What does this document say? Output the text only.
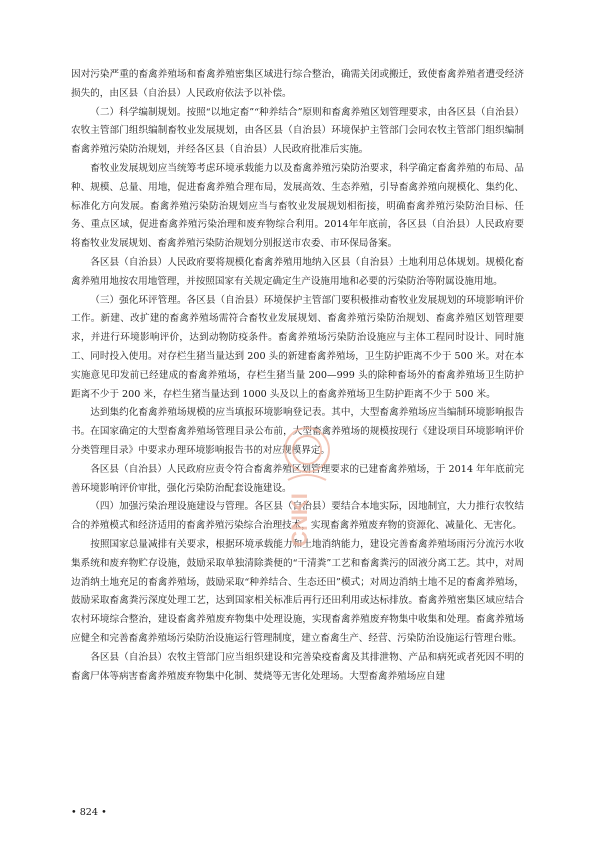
因对污染严重的畜禽养殖场和畜禽养殖密集区域进行综合整治，确需关闭或搬迁，致使畜禽养殖者遭受经济损失的，由区县（自治县）人民政府依法予以补偿。

（二）科学编制规划。按照“以地定畜”“种养结合”原则和畜禽养殖区划管理要求，由各区县（自治县）农牧主管部门组织编制畜牧业发展规划，由各区县（自治县）环境保护主管部门会同农牧主管部门组织编制畜禽养殖污染防治规划，并经各区县（自治县）人民政府批准后实施。

畜牧业发展规划应当统筹考虑环境承载能力以及畜禽养殖污染防治要求，科学确定畜禽养殖的布局、品种、规模、总量、用地，促进畜禽养殖合理布局，发展高效、生态养殖，引导畜禽养殖向规模化、集约化、标准化方向发展。畜禽养殖污染防治规划应当与畜牧业发展规划相衔接，明确畜禽养殖污染防治目标、任务、重点区域，促进畜禽养殖污染治理和废弃物综合利用。2014年年底前，各区县（自治县）人民政府要将畜牧业发展规划、畜禽养殖污染防治规划分别报送市农委、市环保局备案。

各区县（自治县）人民政府要将规模化畜禽养殖用地纳入区县（自治县）土地利用总体规划。规模化畜禽养殖用地按农用地管理，并按照国家有关规定确定生产设施用地和必要的污染防治等附属设施用地。

（三）强化环评管理。各区县（自治县）环境保护主管部门要积极推动畜牧业发展规划的环境影响评价工作。新建、改扩建的畜禽养殖场需符合畜牧业发展规划、畜禽养殖污染防治规划、畜禽养殖区划管理要求，并进行环境影响评价，达到动物防疫条件。畜禽养殖场污染防治设施应与主体工程同时设计、同时施工、同时投入使用。对存栏生猪当量达到 200 头的新建畜禽养殖场，卫生防护距离不少于 500 米。对在本实施意见印发前已经建成的畜禽养殖场，存栏生猪当量 200—999 头的除种畜场外的畜禽养殖场卫生防护距离不少于 200 米，存栏生猪当量达到 1000 头及以上的畜禽养殖场卫生防护距离不少于 500 米。

达到集约化畜禽养殖场规模的应当填报环境影响登记表。其中，大型畜禽养殖场应当编制环境影响报告书。在国家确定的大型畜禽养殖场管理目录公布前，大型畜禽养殖场的规模按现行《建设项目环境影响评价分类管理目录》中要求办理环境影响报告书的对应规模界定。

各区县（自治县）人民政府应责令符合畜禽养殖区划管理要求的已建畜禽养殖场，于 2014 年年底前完善环境影响评价审批，强化污染防治配套设施建设。

（四）加强污染治理设施建设与管理。各区县（自治县）要结合本地实际，因地制宜，大力推行农牧结合的养殖模式和经济适用的畜禽养殖污染综合治理技术，实现畜禽养殖废弃物的资源化、减量化、无害化。

按照国家总量减排有关要求，根据环境承载能力和土地消纳能力，建设完善畜禽养殖场雨污分流污水收集系统和废弃物贮存设施，鼓励采取单独清除粪便的“干清粪”工艺和畜禽粪污的固液分离工艺。其中，对周边消纳土地充足的畜禽养殖场，鼓励采取“种养结合、生态还田”模式；对周边消纳土地不足的畜禽养殖场，鼓励采取畜禽粪污深度处理工艺，达到国家相关标准后再行还田利用或达标排放。畜禽养殖密集区域应结合农村环境综合整治，建设畜禽养殖废弃物集中处理设施，实现畜禽养殖废弃物集中收集和处理。畜禽养殖场应健全和完善畜禽养殖场污染防治设施运行管理制度，建立畜禽生产、经营、污染防治设施运行管理台账。

各区县（自治县）农牧主管部门应当组织建设和完善染疫畜禽及其排泄物、产品和病死或者死因不明的畜禽尸体等病害畜禽养殖废弃物集中化制、焚烧等无害化处理场。大型畜禽养殖场应自建

CNKI
• 824 •
